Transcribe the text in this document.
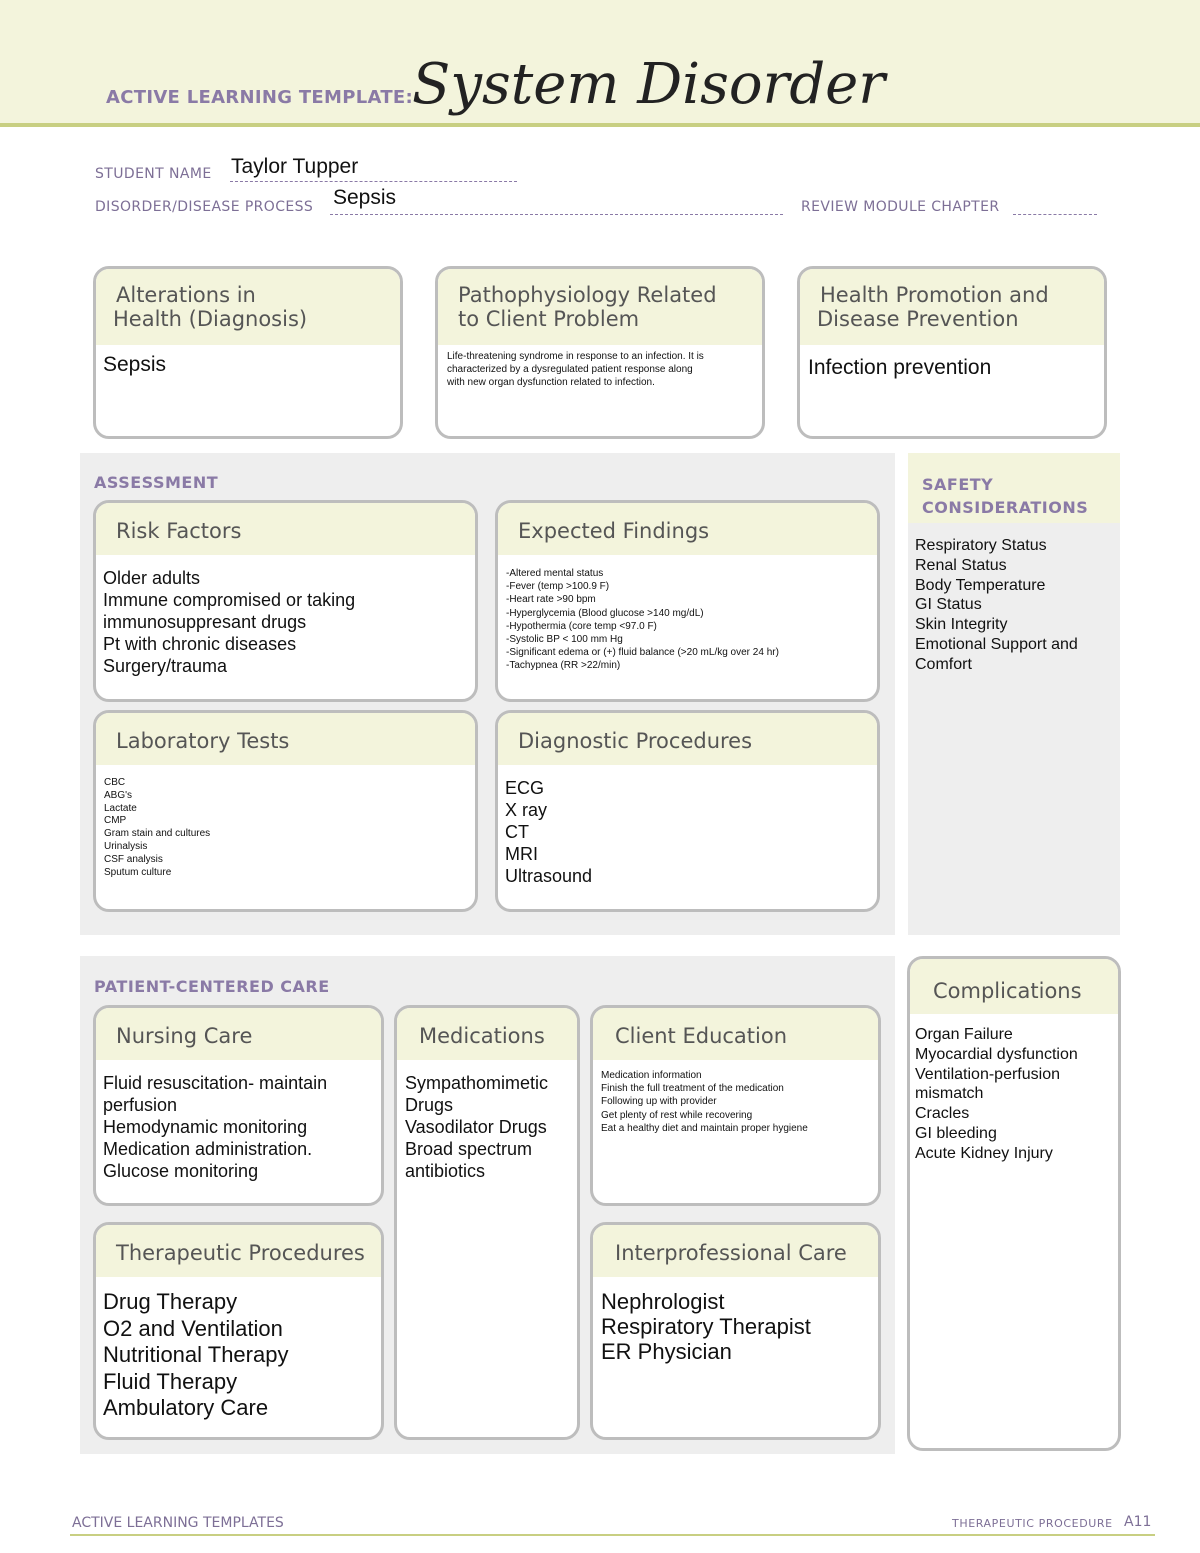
ACTIVE LEARNING TEMPLATE: System Disorder
STUDENT NAME Taylor Tupper
DISORDER/DISEASE PROCESS Sepsis	REVIEW MODULE CHAPTER
Alterations in
Health (Diagnosis)
Sepsis
Pathophysiology Related
to Client Problem
Life-threatening syndrome in response to an infection. It is
characterized by a dysregulated patient response along
with new organ dysfunction related to infection.
Health Promotion and
Disease Prevention
Infection prevention
ASSESSMENT
Risk Factors
Older adults
Immune compromised or taking
immunosuppresant drugs
Pt with chronic diseases
Surgery/trauma
Expected Findings
-Altered mental status
-Fever (temp >100.9 F)
-Heart rate >90 bpm
-Hyperglycemia (Blood glucose >140 mg/dL)
-Hypothermia (core temp <97.0 F)
-Systolic BP < 100 mm Hg
-Significant edema or (+) fluid balance (>20 mL/kg over 24 hr)
-Tachypnea (RR >22/min)
Laboratory Tests
CBC
ABG's
Lactate
CMP
Gram stain and cultures
Urinalysis
CSF analysis
Sputum culture
Diagnostic Procedures
ECG
X ray
CT
MRI
Ultrasound
SAFETY
CONSIDERATIONS
Respiratory Status
Renal Status
Body Temperature
GI Status
Skin Integrity
Emotional Support and
Comfort
PATIENT-CENTERED CARE
Nursing Care
Fluid resuscitation- maintain
perfusion
Hemodynamic monitoring
Medication administration.
Glucose monitoring
Medications
Sympathomimetic
Drugs
Vasodilator Drugs
Broad spectrum
antibiotics
Client Education
Medication information
Finish the full treatment of the medication
Following up with provider
Get plenty of rest while recovering
Eat a healthy diet and maintain proper hygiene
Therapeutic Procedures
Drug Therapy
O2 and Ventilation
Nutritional Therapy
Fluid Therapy
Ambulatory Care
Interprofessional Care
Nephrologist
Respiratory Therapist
ER Physician
Complications
Organ Failure
Myocardial dysfunction
Ventilation-perfusion
mismatch
Cracles
GI bleeding
Acute Kidney Injury
ACTIVE LEARNING TEMPLATES	THERAPEUTIC PROCEDURE A11
